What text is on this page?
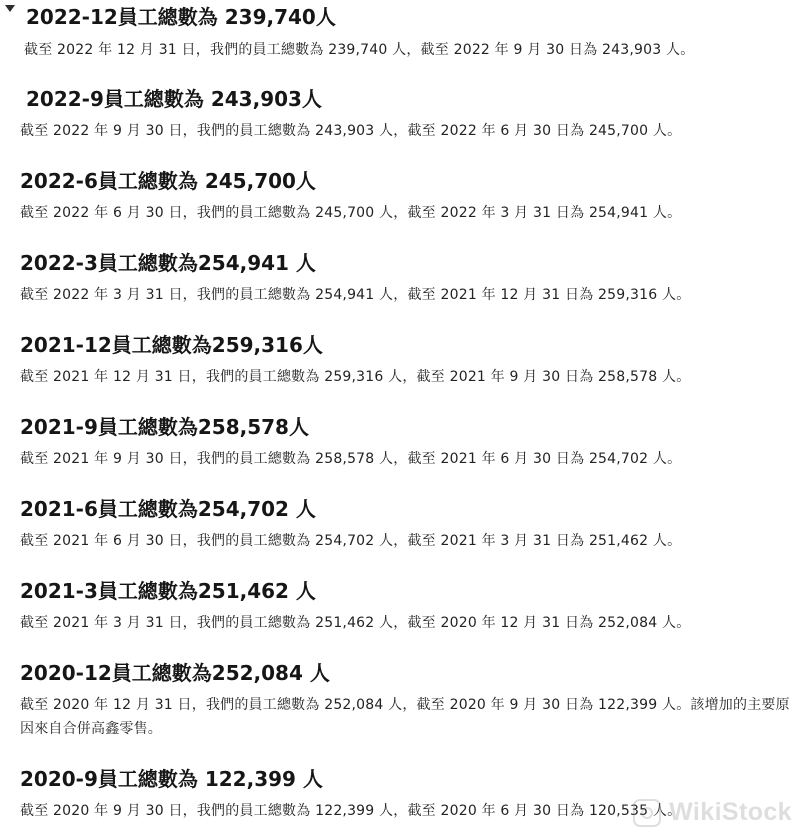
2022-12員工總數為 239,740人
截至 2022 年 12 月 31 日，我們的員工總數為 239,740 人，截至 2022 年 9 月 30 日為 243,903 人。
2022-9員工總數為 243,903人
截至 2022 年 9 月 30 日，我們的員工總數為 243,903 人，截至 2022 年 6 月 30 日為 245,700 人。
2022-6員工總數為 245,700人
截至 2022 年 6 月 30 日，我們的員工總數為 245,700 人，截至 2022 年 3 月 31 日為 254,941 人。
2022-3員工總數為254,941 人
截至 2022 年 3 月 31 日，我們的員工總數為 254,941 人，截至 2021 年 12 月 31 日為 259,316 人。
2021-12員工總數為259,316人
截至 2021 年 12 月 31 日，我們的員工總數為 259,316 人，截至 2021 年 9 月 30 日為 258,578 人。
2021-9員工總數為258,578人
截至 2021 年 9 月 30 日，我們的員工總數為 258,578 人，截至 2021 年 6 月 30 日為 254,702 人。
2021-6員工總數為254,702 人
截至 2021 年 6 月 30 日，我們的員工總數為 254,702 人，截至 2021 年 3 月 31 日為 251,462 人。
2021-3員工總數為251,462 人
截至 2021 年 3 月 31 日，我們的員工總數為 251,462 人，截至 2020 年 12 月 31 日為 252,084 人。
2020-12員工總數為252,084 人
截至 2020 年 12 月 31 日，我們的員工總數為 252,084 人，截至 2020 年 9 月 30 日為 122,399 人。該增加的主要原因來自合併高鑫零售。
2020-9員工總數為 122,399 人
截至 2020 年 9 月 30 日，我們的員工總數為 122,399 人，截至 2020 年 6 月 30 日為 120,535 人。
WikiStock
